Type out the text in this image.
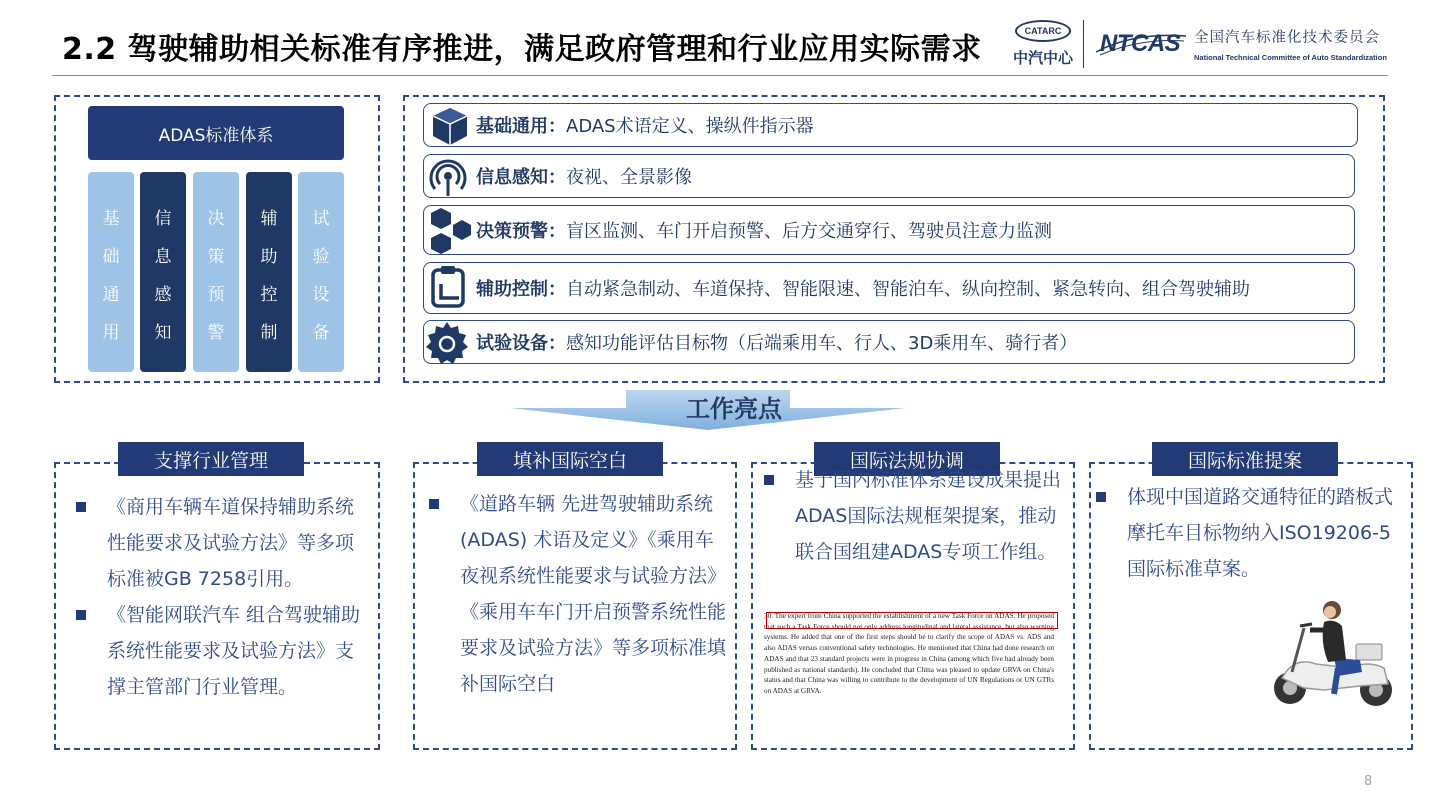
2.2 驾驶辅助相关标准有序推进，满足政府管理和行业应用实际需求
CATARC
中汽中心
NTCAS 全国汽车标准化技术委员会
National Technical Committee of Auto Standardization
ADAS标准体系
基
础
通
用
信
息
感
知
决
策
预
警
辅
助
控
制
试
验
设
备
基础通用 ： ADAS术语定义、操纵件指示器
信息感知 ： 夜视、全景影像
决策预警 ： 盲区监测、车门开启预警、后方交通穿行、驾驶员注意力监测
辅助控制 ： 自动紧急制动、车道保持、智能限速、智能泊车、纵向控制、紧急转向、组合驾驶辅助
试验设备 ： 感知功能评估目标物（后端乘用车、行人、3D乘用车、骑行者）
工作亮点
支撑行业管理	填补国际空白	国际法规协调	国际标准提案
《商用车辆车道保持辅助系统性能要求及试验方法》等多项标准被GB 7258引用。
《智能网联汽车 组合驾驶辅助系统性能要求及试验方法》支撑主管部门行业管理。
《道路车辆 先进驾驶辅助系统 (ADAS) 术语及定义》《乘用车夜视系统性能要求与试验方法》《乘用车车门开启预警系统性能要求及试验方法》等多项标准填补国际空白
基于国内标准体系建设成果提出ADAS国际法规框架提案，推动联合国组建ADAS专项工作组。
体现中国道路交通特征的踏板式摩托车目标物纳入ISO19206-5国际标准草案。
30. The expert from China supported the establishment of a new Task Force on ADAS. He proposed that such a Task Force should not only address longitudinal and lateral assistance, but also warning systems. He added that one of the first steps should be to clarify the scope of ADAS vs. ADS and also ADAS versus conventional safety technologies. He mentioned that China had done research on ADAS and that 23 standard projects were in progress in China (among which five had already been published as national standards). He concluded that China was pleased to update GRVA on China's status and that China was willing to contribute to the development of UN Regulations or UN GTRs on ADAS at GRVA.
8
